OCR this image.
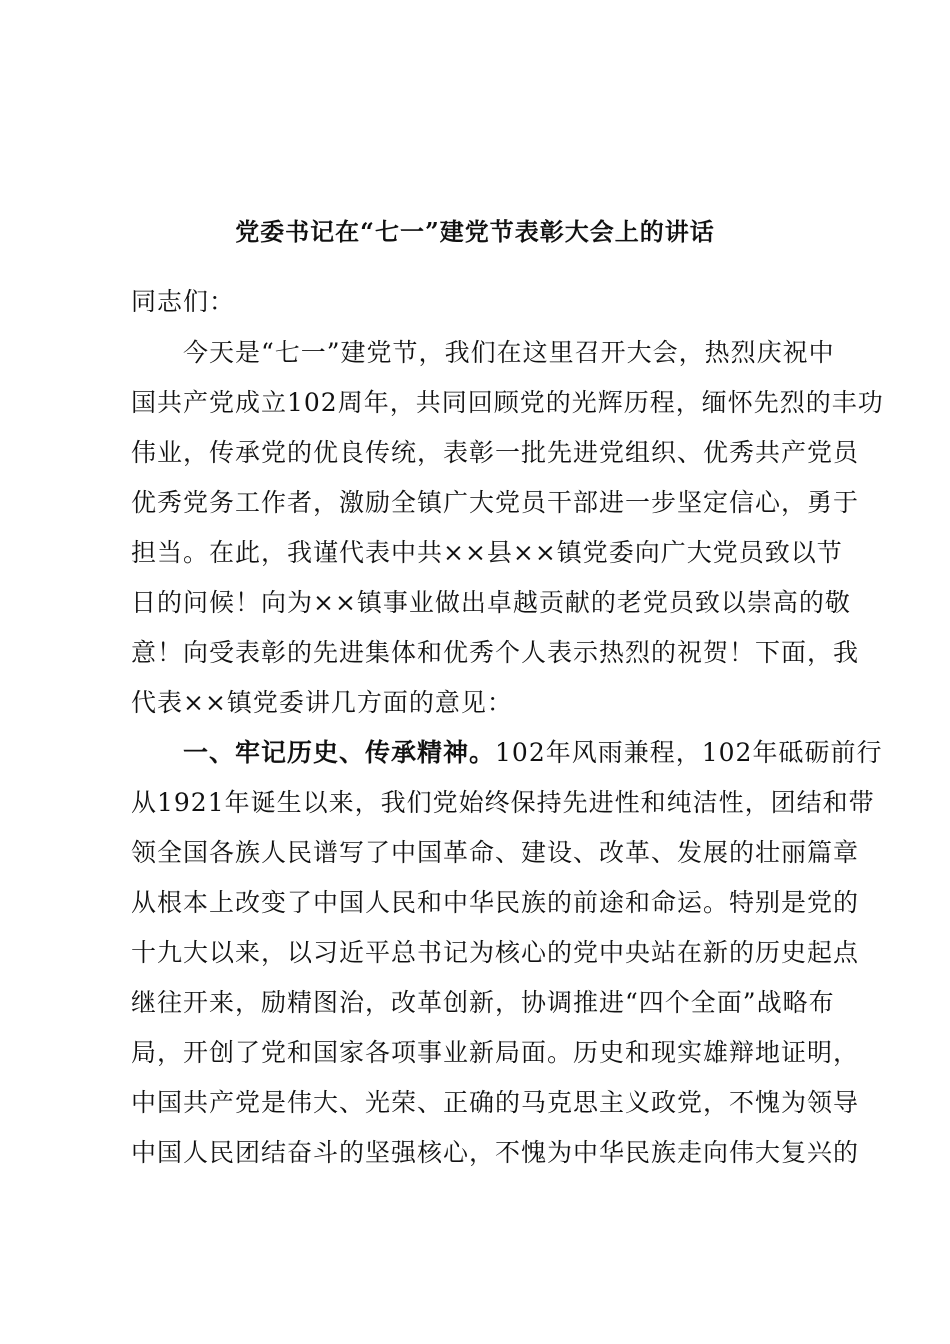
党委书记在“七一”建党节表彰大会上的讲话
同志们：
　　今天是“七一”建党节，我们在这里召开大会，热烈庆祝中
国共产党成立102周年，共同回顾党的光辉历程，缅怀先烈的丰功
伟业，传承党的优良传统，表彰一批先进党组织、优秀共产党员
优秀党务工作者，激励全镇广大党员干部进一步坚定信心，勇于
担当。在此，我谨代表中共××县××镇党委向广大党员致以节
日的问候！向为××镇事业做出卓越贡献的老党员致以崇高的敬
意！向受表彰的先进集体和优秀个人表示热烈的祝贺！下面，我
代表××镇党委讲几方面的意见：
　　一、牢记历史、传承精神。102年风雨兼程，102年砥砺前行
从1921年诞生以来，我们党始终保持先进性和纯洁性，团结和带
领全国各族人民谱写了中国革命、建设、改革、发展的壮丽篇章
从根本上改变了中国人民和中华民族的前途和命运。特别是党的
十九大以来，以习近平总书记为核心的党中央站在新的历史起点
继往开来，励精图治，改革创新，协调推进“四个全面”战略布
局，开创了党和国家各项事业新局面。历史和现实雄辩地证明，
中国共产党是伟大、光荣、正确的马克思主义政党，不愧为领导
中国人民团结奋斗的坚强核心，不愧为中华民族走向伟大复兴的
